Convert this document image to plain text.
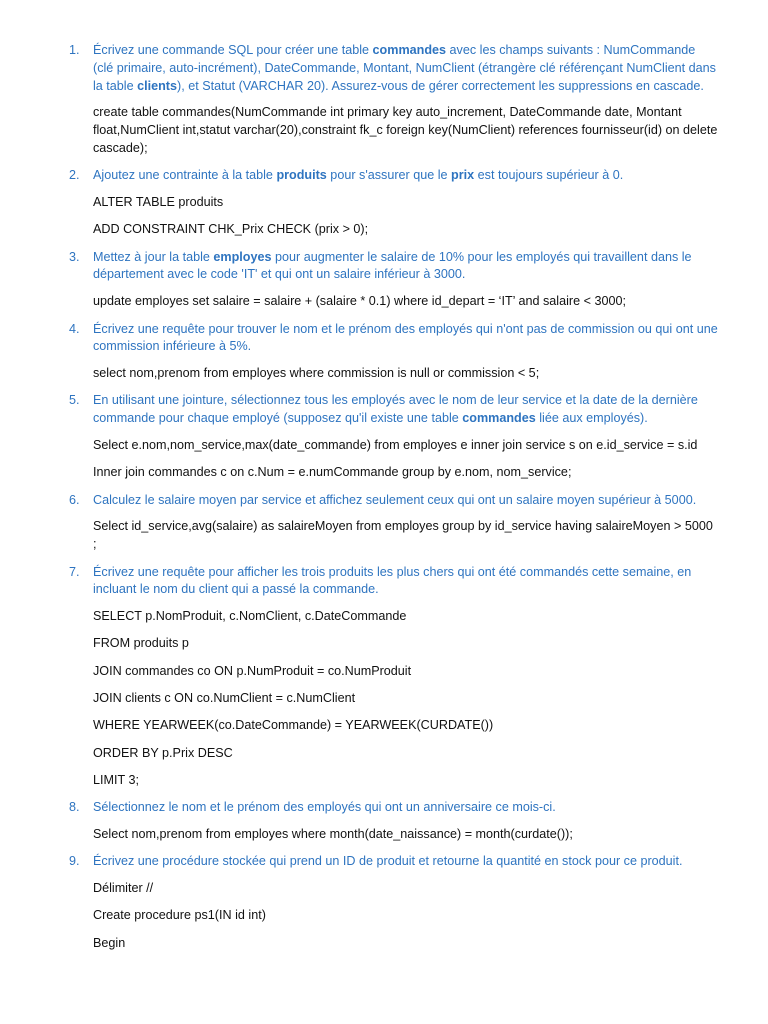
1.	Écrivez une commande SQL pour créer une table commandes avec les champs suivants : NumCommande (clé primaire, auto-incrément), DateCommande, Montant, NumClient (étrangère clé référençant NumClient dans la table clients), et Statut (VARCHAR 20). Assurez-vous de gérer correctement les suppressions en cascade.
create table commandes(NumCommande int primary key auto_increment, DateCommande date, Montant float,NumClient int,statut varchar(20),constraint fk_c foreign key(NumClient) references fournisseur(id) on delete cascade);
2.	Ajoutez une contrainte à la table produits pour s'assurer que le prix est toujours supérieur à 0.
ALTER TABLE produits
ADD CONSTRAINT CHK_Prix CHECK (prix > 0);
3.	Mettez à jour la table employes pour augmenter le salaire de 10% pour les employés qui travaillent dans le département avec le code 'IT' et qui ont un salaire inférieur à 3000.
update employes set salaire = salaire + (salaire * 0.1) where id_depart = ‘IT’ and salaire < 3000;
4.	Écrivez une requête pour trouver le nom et le prénom des employés qui n'ont pas de commission ou qui ont une commission inférieure à 5%.
select nom,prenom from employes where commission is null or commission < 5;
5.	En utilisant une jointure, sélectionnez tous les employés avec le nom de leur service et la date de la dernière commande pour chaque employé (supposez qu'il existe une table commandes liée aux employés).
Select e.nom,nom_service,max(date_commande) from employes e inner join service s on e.id_service = s.id
Inner join commandes c on c.Num = e.numCommande group by e.nom, nom_service;
6.	Calculez le salaire moyen par service et affichez seulement ceux qui ont un salaire moyen supérieur à 5000.
Select id_service,avg(salaire) as salaireMoyen from employes group by id_service having salaireMoyen > 5000 ;
7.	Écrivez une requête pour afficher les trois produits les plus chers qui ont été commandés cette semaine, en incluant le nom du client qui a passé la commande.
SELECT p.NomProduit, c.NomClient, c.DateCommande
FROM produits p
JOIN commandes co ON p.NumProduit = co.NumProduit
JOIN clients c ON co.NumClient = c.NumClient
WHERE YEARWEEK(co.DateCommande) = YEARWEEK(CURDATE())
ORDER BY p.Prix DESC
LIMIT 3;
8.	Sélectionnez le nom et le prénom des employés qui ont un anniversaire ce mois-ci.
Select nom,prenom from employes where month(date_naissance) = month(curdate());
9.	Écrivez une procédure stockée qui prend un ID de produit et retourne la quantité en stock pour ce produit.
Délimiter //
Create procedure ps1(IN id int)
Begin
